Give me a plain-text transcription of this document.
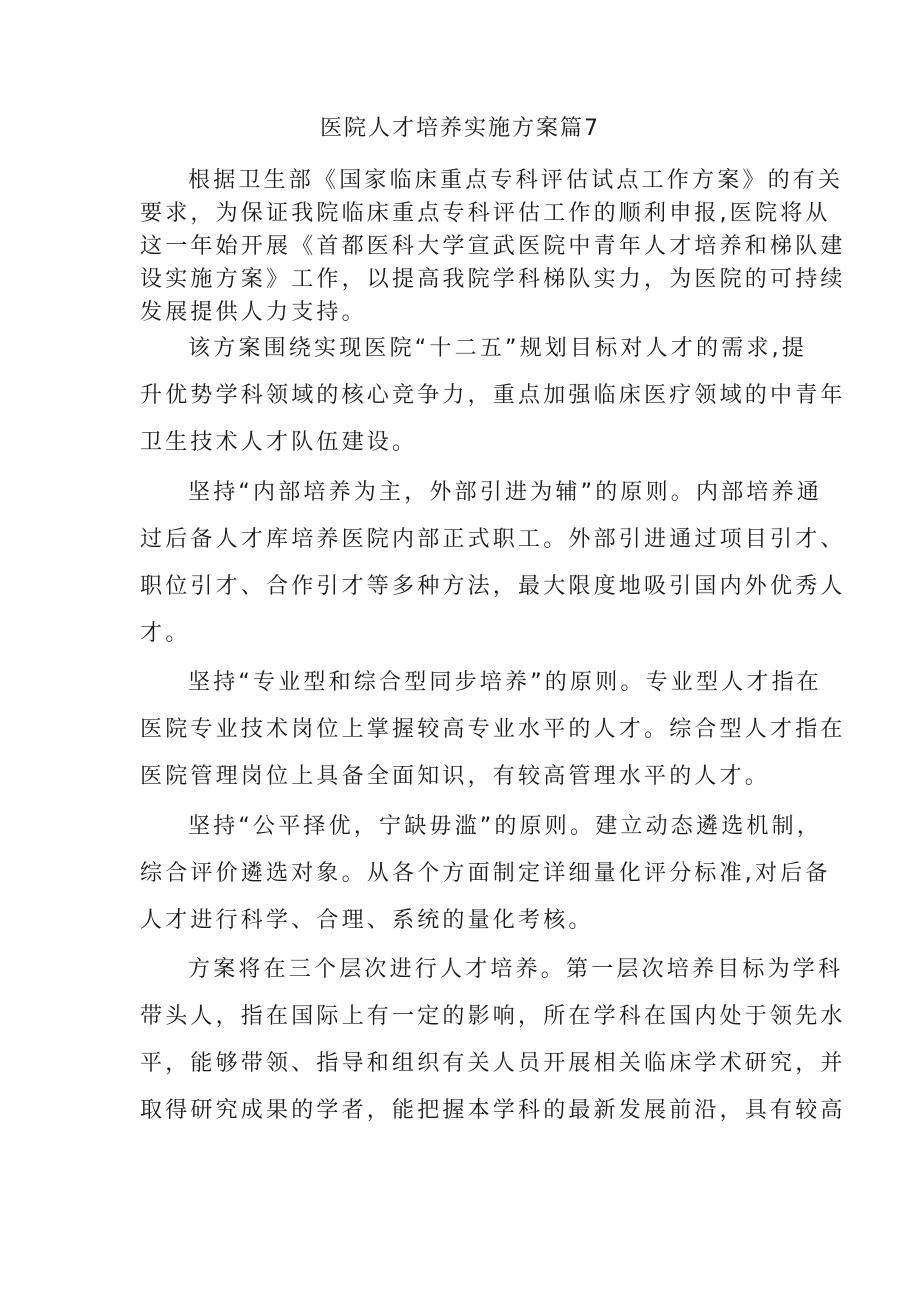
医院人才培养实施方案篇7
根据卫生部《国家临床重点专科评估试点工作方案》的有关
要求，为保证我院临床重点专科评估工作的顺利申报,医院将从
这一年始开展《首都医科大学宣武医院中青年人才培养和梯队建
设实施方案》工作，以提高我院学科梯队实力，为医院的可持续
发展提供人力支持。
该方案围绕实现医院“十二五”规划目标对人才的需求,提
升优势学科领域的核心竞争力，重点加强临床医疗领域的中青年
卫生技术人才队伍建设。
坚持“内部培养为主，外部引进为辅”的原则。内部培养通
过后备人才库培养医院内部正式职工。外部引进通过项目引才、
职位引才、合作引才等多种方法，最大限度地吸引国内外优秀人
才。
坚持“专业型和综合型同步培养”的原则。专业型人才指在
医院专业技术岗位上掌握较高专业水平的人才。综合型人才指在
医院管理岗位上具备全面知识，有较高管理水平的人才。
坚持“公平择优，宁缺毋滥”的原则。建立动态遴选机制，
综合评价遴选对象。从各个方面制定详细量化评分标准,对后备
人才进行科学、合理、系统的量化考核。
方案将在三个层次进行人才培养。第一层次培养目标为学科
带头人，指在国际上有一定的影响，所在学科在国内处于领先水
平，能够带领、指导和组织有关人员开展相关临床学术研究，并
取得研究成果的学者，能把握本学科的最新发展前沿，具有较高
